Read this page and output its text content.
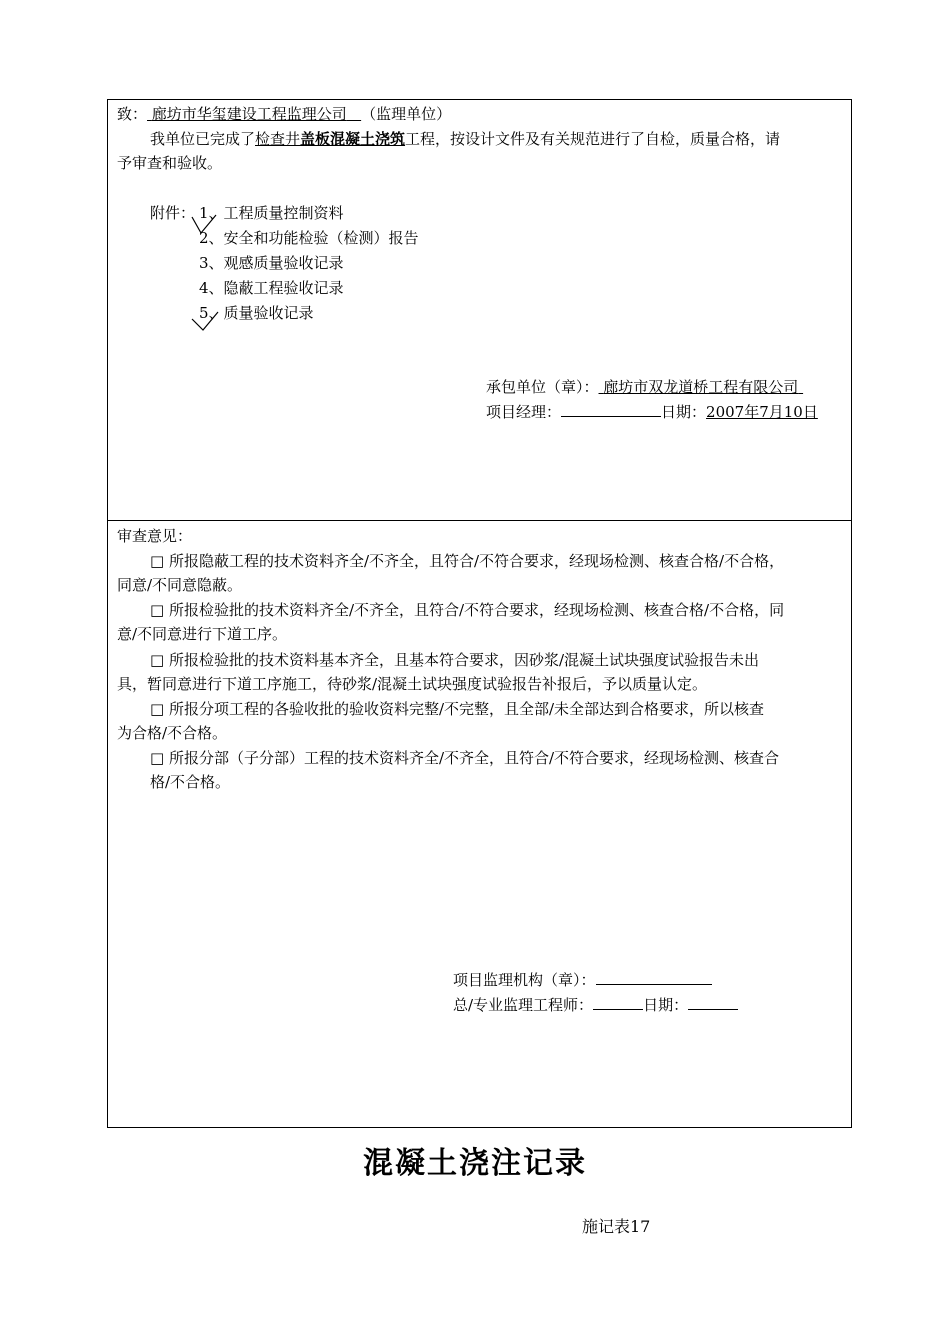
致： 廊坊市华玺建设工程监理公司 （监理单位）
我单位已完成了检查井盖板混凝土浇筑工程，按设计文件及有关规范进行了自检，质量合格，请
予审查和验收。
附件： 1、工程质量控制资料
2、安全和功能检验（检测）报告
3、观感质量验收记录
4、隐蔽工程验收记录
5、质量验收记录
承包单位（章）： 廊坊市双龙道桥工程有限公司
项目经理：	日期：2007年7月10日
审查意见：
□ 所报隐蔽工程的技术资料齐全/不齐全，且符合/不符合要求，经现场检测、核查合格/不合格，
同意/不同意隐蔽。
□ 所报检验批的技术资料齐全/不齐全，且符合/不符合要求，经现场检测、核查合格/不合格，同
意/不同意进行下道工序。
□ 所报检验批的技术资料基本齐全，且基本符合要求，因砂浆/混凝土试块强度试验报告未出
具，暂同意进行下道工序施工，待砂浆/混凝土试块强度试验报告补报后，予以质量认定。
□ 所报分项工程的各验收批的验收资料完整/不完整，且全部/未全部达到合格要求，所以核查
为合格/不合格。
□ 所报分部（子分部）工程的技术资料齐全/不齐全，且符合/不符合要求，经现场检测、核查合
格/不合格。
项目监理机构（章）：
总/专业监理工程师：	日期：
混凝土浇注记录
施记表17
